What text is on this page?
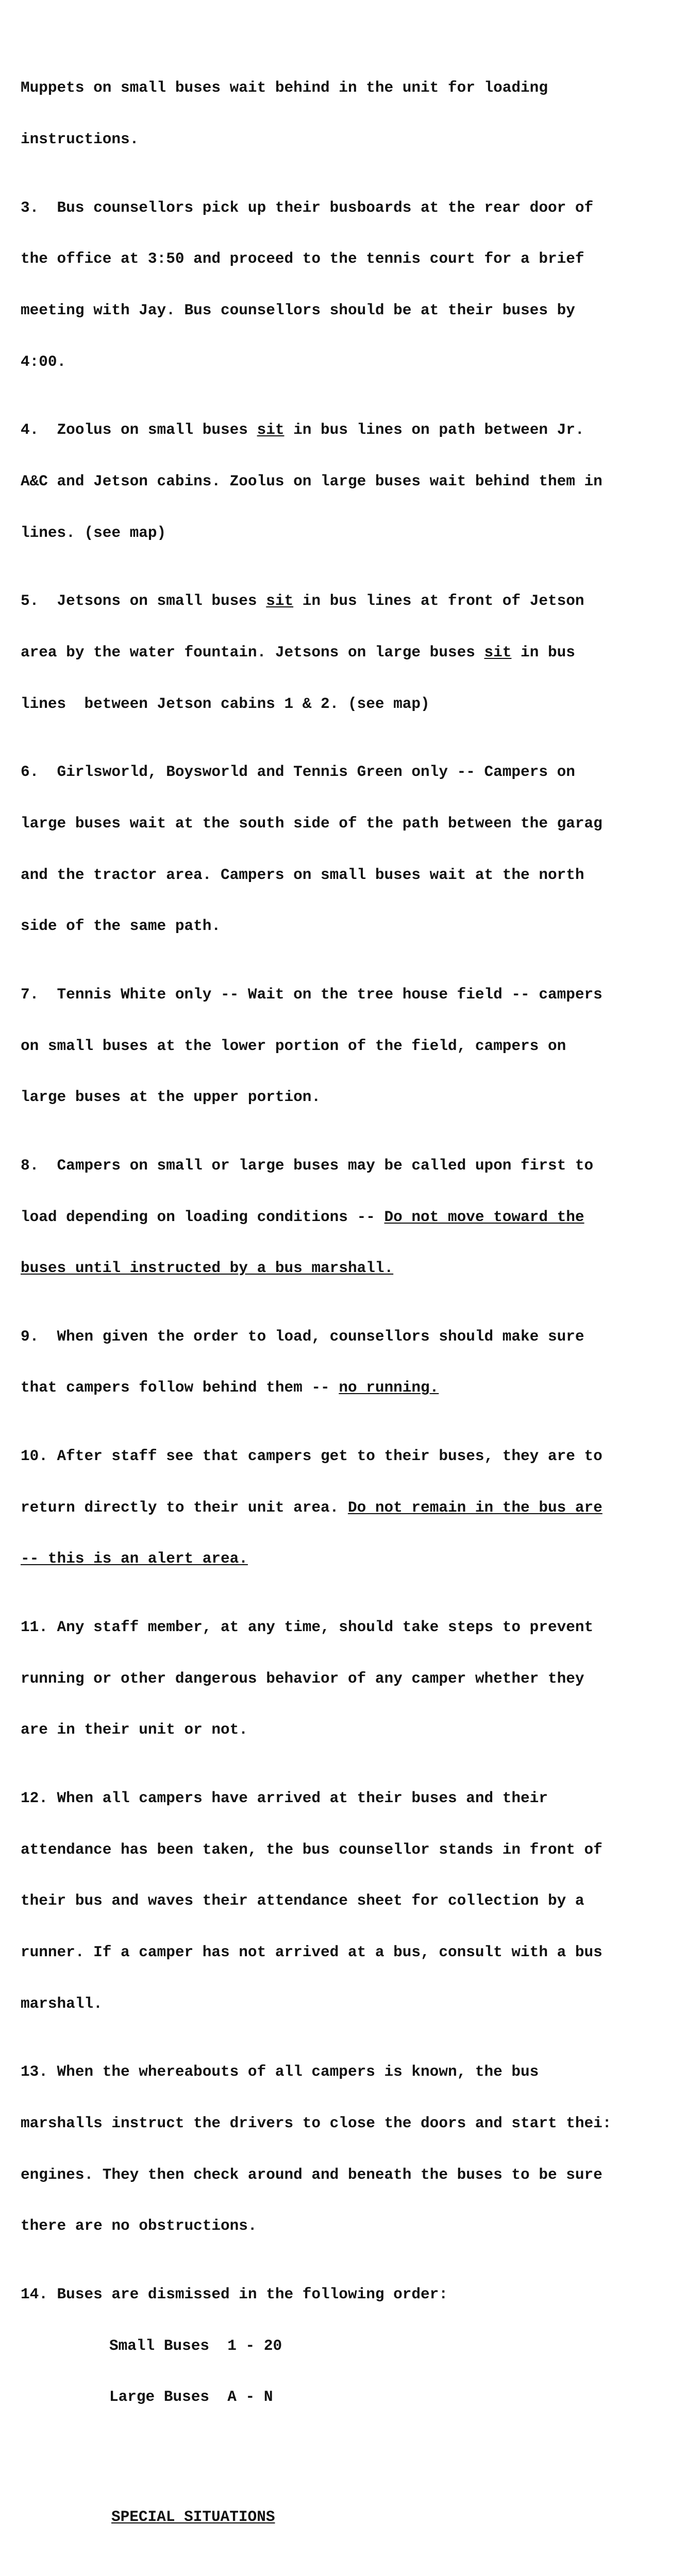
Muppets on small buses wait behind in the unit for loading

instructions.

3.  Bus counsellors pick up their busboards at the rear door of

the office at 3:50 and proceed to the tennis court for a brief

meeting with Jay. Bus counsellors should be at their buses by

4:00.

4.  Zoolus on small buses sit in bus lines on path between Jr.

A&C and Jetson cabins. Zoolus on large buses wait behind them in

lines. (see map)

5.  Jetsons on small buses sit in bus lines at front of Jetson

area by the water fountain. Jetsons on large buses sit in bus

lines  between Jetson cabins 1 & 2. (see map)

6.  Girlsworld, Boysworld and Tennis Green only -- Campers on

large buses wait at the south side of the path between the garag

and the tractor area. Campers on small buses wait at the north

side of the same path.

7.  Tennis White only -- Wait on the tree house field -- campers

on small buses at the lower portion of the field, campers on

large buses at the upper portion.

8.  Campers on small or large buses may be called upon first to

load depending on loading conditions -- Do not move toward the

buses until instructed by a bus marshall.

9.  When given the order to load, counsellors should make sure

that campers follow behind them -- no running.

10. After staff see that campers get to their buses, they are to

return directly to their unit area. Do not remain in the bus are

-- this is an alert area.

11. Any staff member, at any time, should take steps to prevent

running or other dangerous behavior of any camper whether they

are in their unit or not.

12. When all campers have arrived at their buses and their

attendance has been taken, the bus counsellor stands in front of

their bus and waves their attendance sheet for collection by a

runner. If a camper has not arrived at a bus, consult with a bus

marshall.

13. When the whereabouts of all campers is known, the bus

marshalls instruct the drivers to close the doors and start thei:

engines. They then check around and beneath the buses to be sure

there are no obstructions.

14. Buses are dismissed in the following order:

Small Buses  1 - 20

Large Buses  A - N

SPECIAL SITUATIONS
